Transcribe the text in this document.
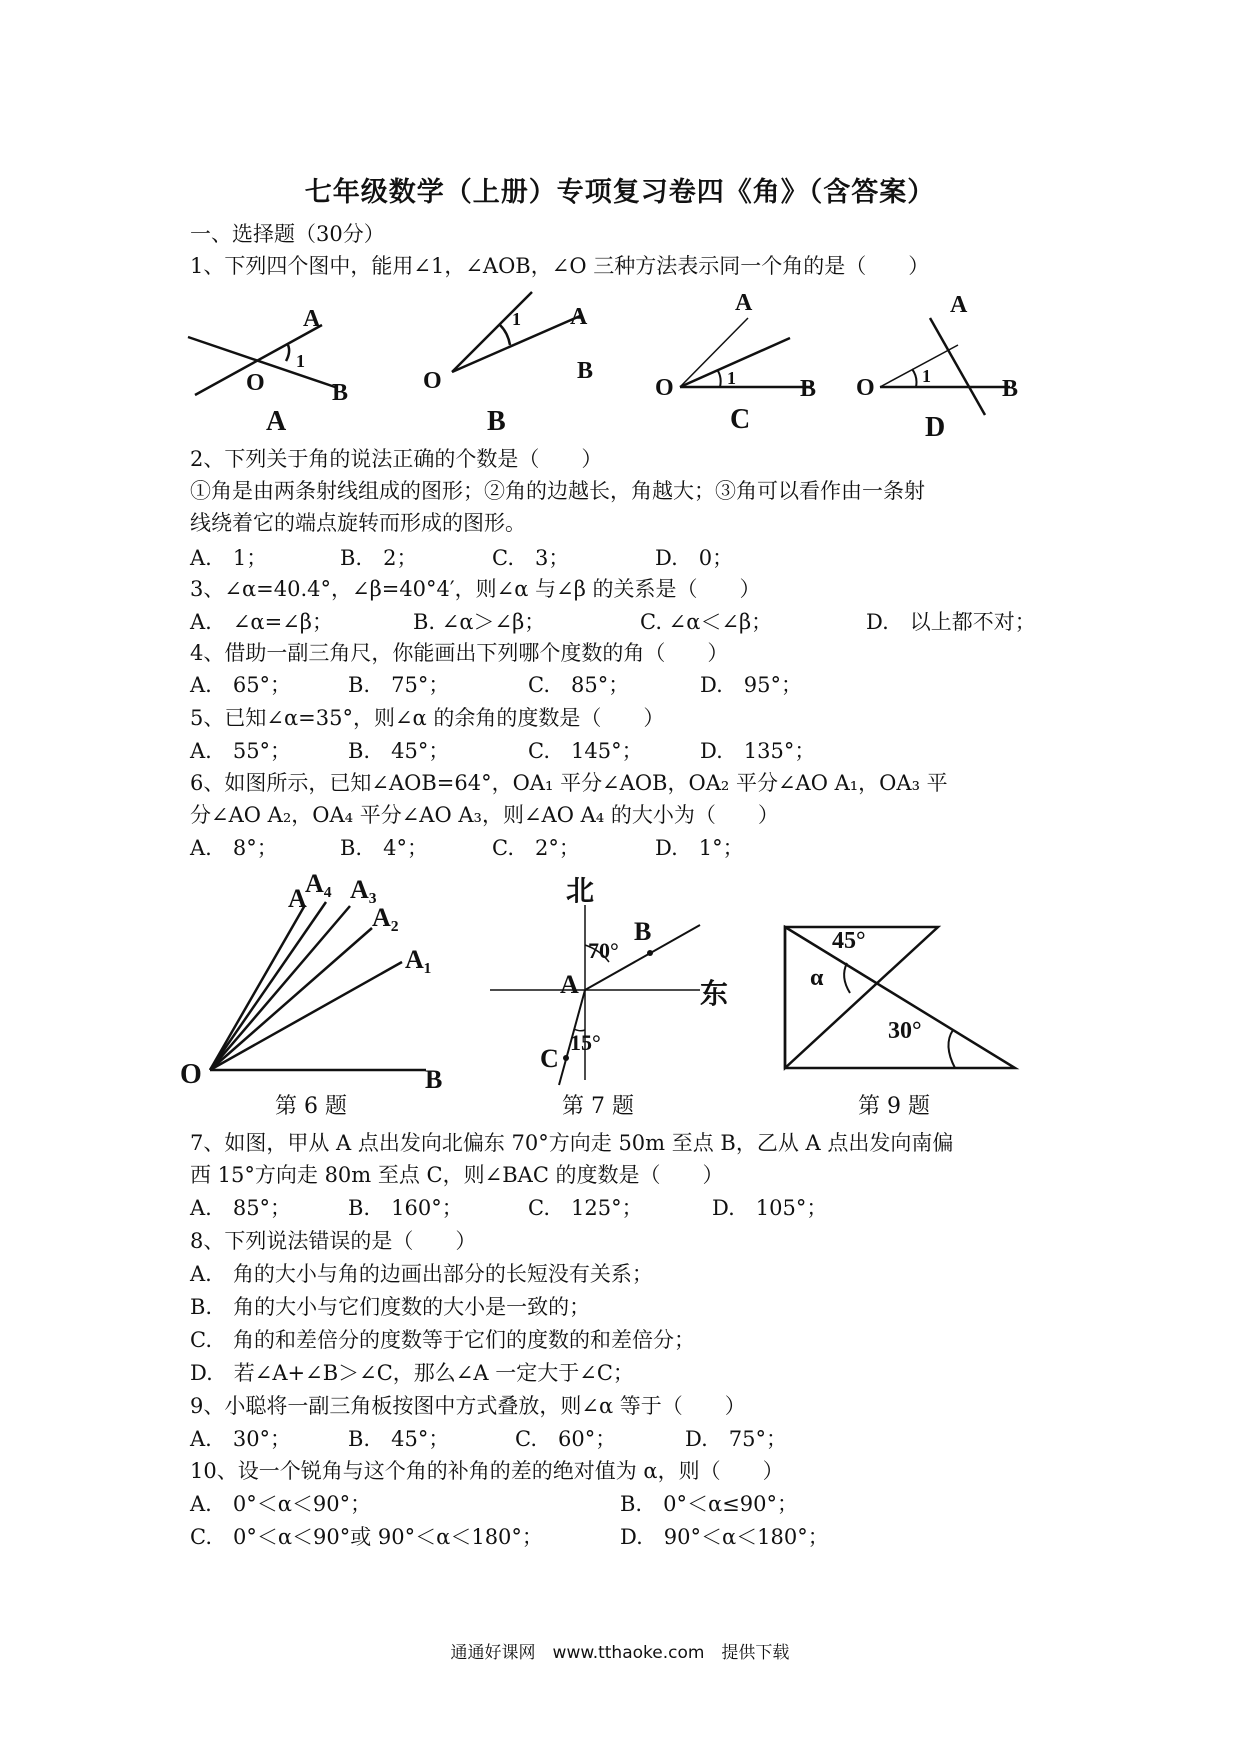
七年级数学（上册）专项复习卷四《角》（含答案）
一、选择题（30分）
1、下列四个图中，能用∠1，∠AOB，∠O 三种方法表示同一个角的是（　　）
A
O	B
1
A
A
O	B
1
B
A
O	B
1
C
A
O	B
1
D
A
A₄ A₃
A₂
A₁
O	B
第 6 题
北
东
A
B
C
70°
15°
第 7 题
45°
α
30°
第 9 题
2、下列关于角的说法正确的个数是（　　）
①角是由两条射线组成的图形；②角的边越长，角越大；③角可以看作由一条射
线绕着它的端点旋转而形成的图形。
A.　1；	B.　2；	C.　3；	D.　0；
3、∠α=40.4°，∠β=40°4′，则∠α 与∠β 的关系是（　　）
A.　∠α=∠β；	B. ∠α＞∠β；	C. ∠α＜∠β；	D.　以上都不对；
4、借助一副三角尺，你能画出下列哪个度数的角（　　）
A.　65°；	B.　75°；	C.　85°；	D.　95°；
5、已知∠α=35°，则∠α 的余角的度数是（　　）
A.　55°；	B.　45°；	C.　145°；	D.　135°；
6、如图所示，已知∠AOB=64°，OA₁ 平分∠AOB，OA₂ 平分∠AO A₁，OA₃ 平
分∠AO A₂，OA₄ 平分∠AO A₃，则∠AO A₄ 的大小为（　　）
A.　8°；	B.　4°；	C.　2°；	D.　1°；
7、如图，甲从 A 点出发向北偏东 70°方向走 50m 至点 B，乙从 A 点出发向南偏
西 15°方向走 80m 至点 C，则∠BAC 的度数是（　　）
A.　85°；	B.　160°；	C.　125°；	D.　105°；
8、下列说法错误的是（　　）
A.　角的大小与角的边画出部分的长短没有关系；
B.　角的大小与它们度数的大小是一致的；
C.　角的和差倍分的度数等于它们的度数的和差倍分；
D.　若∠A+∠B＞∠C，那么∠A 一定大于∠C；
9、小聪将一副三角板按图中方式叠放，则∠α 等于（　　）
A.　30°；	B.　45°；	C.　60°；	D.　75°；
10、设一个锐角与这个角的补角的差的绝对值为 α，则（　　）
A.　0°＜α＜90°；	B.　0°＜α≤90°；
C.　0°＜α＜90°或 90°＜α＜180°；	D.　90°＜α＜180°；
通通好课网　www.tthaoke.com　提供下载
